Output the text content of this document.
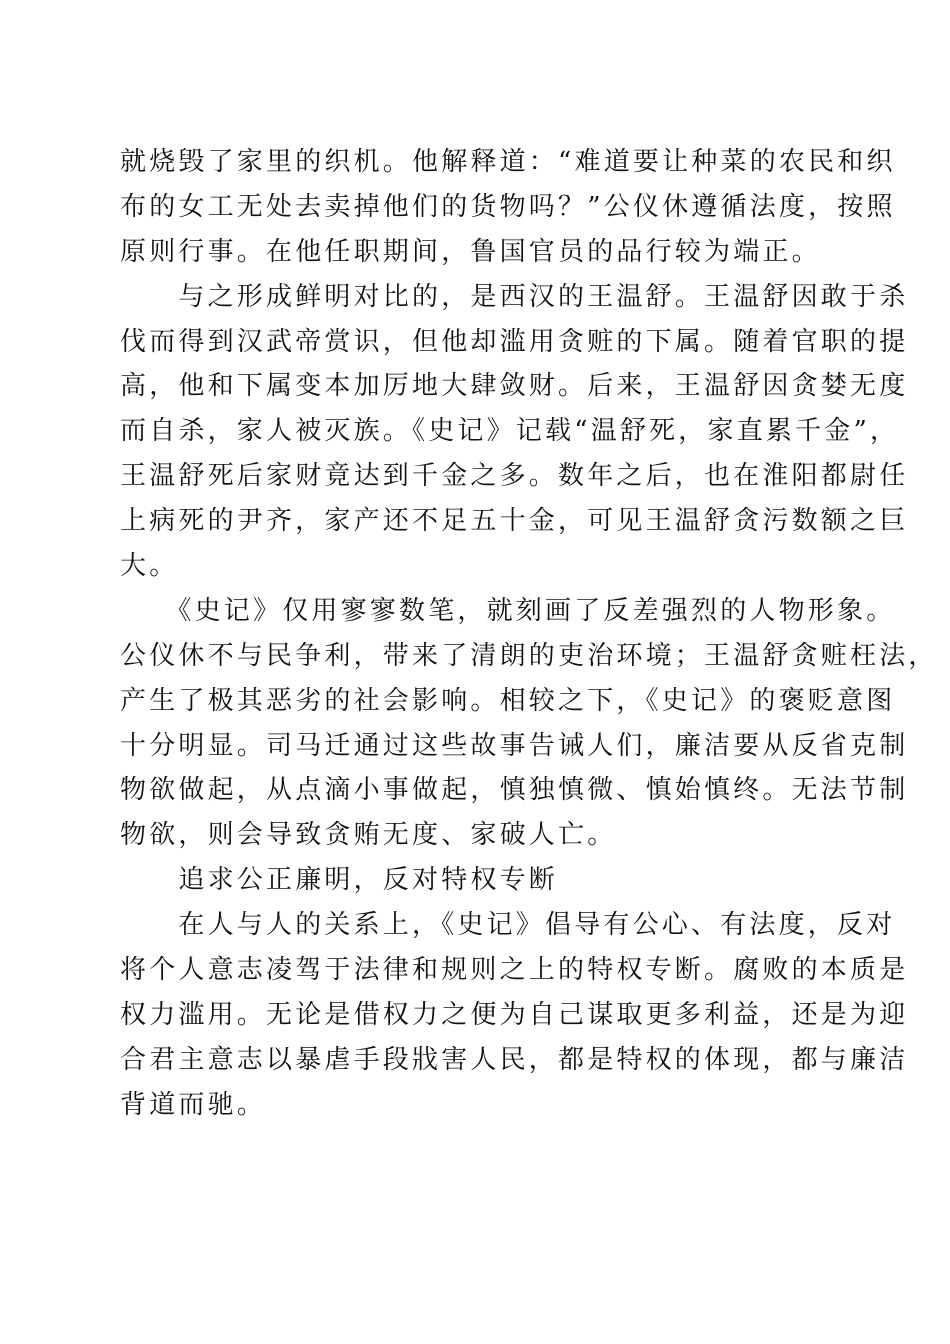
就烧毁了家里的织机。他解释道：“难道要让种菜的农民和织
布的女工无处去卖掉他们的货物吗？”公仪休遵循法度，按照
原则行事。在他任职期间，鲁国官员的品行较为端正。
　　与之形成鲜明对比的，是西汉的王温舒。王温舒因敢于杀
伐而得到汉武帝赏识，但他却滥用贪赃的下属。随着官职的提
高，他和下属变本加厉地大肆敛财。后来，王温舒因贪婪无度
而自杀，家人被灭族。《史记》记载“温舒死，家直累千金”，
王温舒死后家财竟达到千金之多。数年之后，也在淮阳都尉任
上病死的尹齐，家产还不足五十金，可见王温舒贪污数额之巨
大。
　　《史记》仅用寥寥数笔，就刻画了反差强烈的人物形象。
公仪休不与民争利，带来了清朗的吏治环境；王温舒贪赃枉法，
产生了极其恶劣的社会影响。相较之下，《史记》的褒贬意图
十分明显。司马迁通过这些故事告诫人们，廉洁要从反省克制
物欲做起，从点滴小事做起，慎独慎微、慎始慎终。无法节制
物欲，则会导致贪贿无度、家破人亡。
　　追求公正廉明，反对特权专断
　　在人与人的关系上，《史记》倡导有公心、有法度，反对
将个人意志凌驾于法律和规则之上的特权专断。腐败的本质是
权力滥用。无论是借权力之便为自己谋取更多利益，还是为迎
合君主意志以暴虐手段戕害人民，都是特权的体现，都与廉洁
背道而驰。
